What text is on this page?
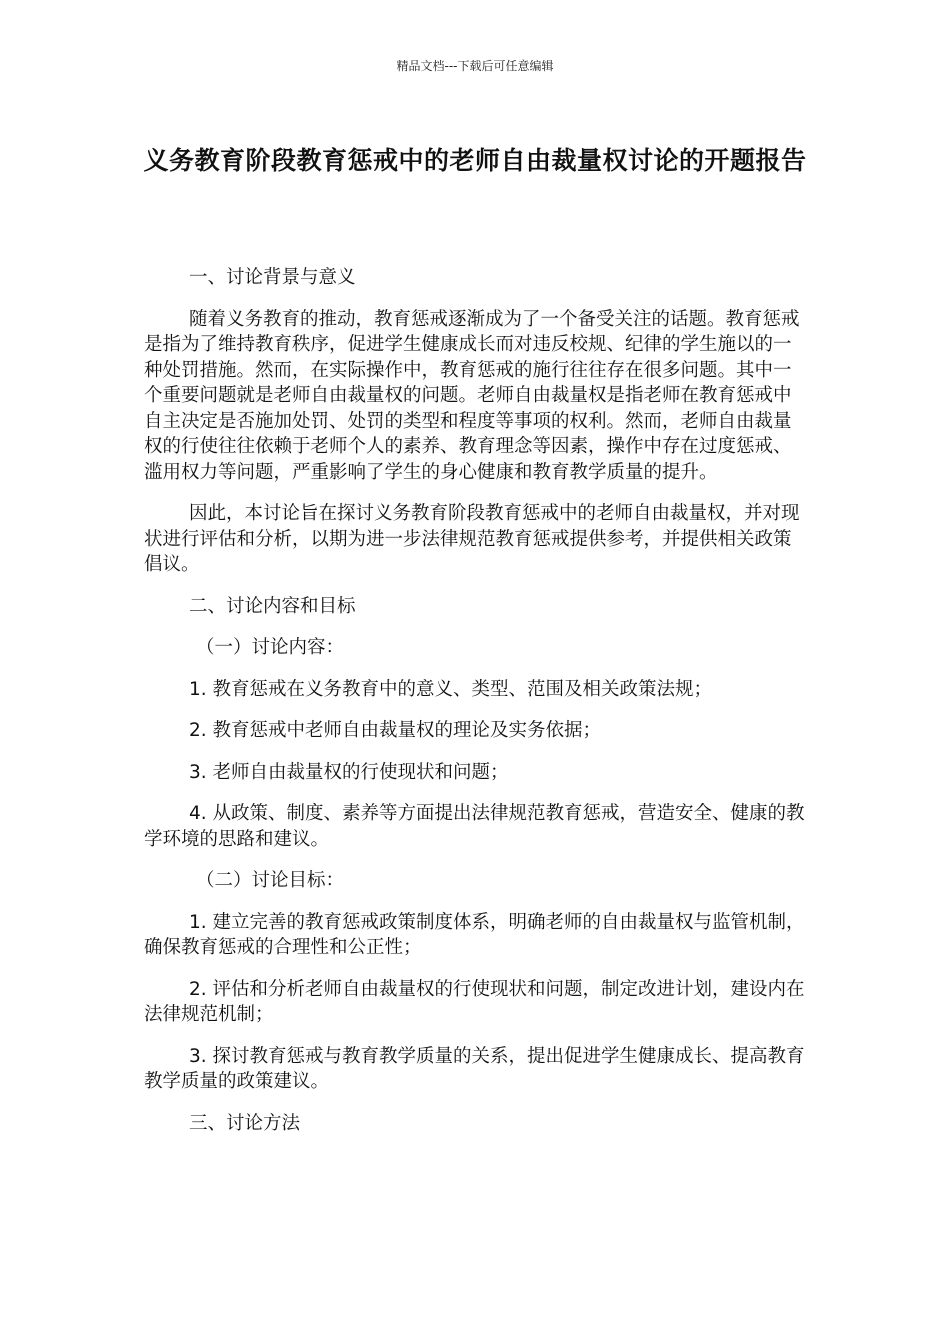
精品文档---下载后可任意编辑
义务教育阶段教育惩戒中的老师自由裁量权讨论的开题报告

一、讨论背景与意义

随着义务教育的推动，教育惩戒逐渐成为了一个备受关注的话题。教育惩戒是指为了维持教育秩序，促进学生健康成长而对违反校规、纪律的学生施以的一种处罚措施。然而，在实际操作中，教育惩戒的施行往往存在很多问题。其中一个重要问题就是老师自由裁量权的问题。老师自由裁量权是指老师在教育惩戒中自主决定是否施加处罚、处罚的类型和程度等事项的权利。然而，老师自由裁量权的行使往往依赖于老师个人的素养、教育理念等因素，操作中存在过度惩戒、滥用权力等问题，严重影响了学生的身心健康和教育教学质量的提升。

因此，本讨论旨在探讨义务教育阶段教育惩戒中的老师自由裁量权，并对现状进行评估和分析，以期为进一步法律规范教育惩戒提供参考，并提供相关政策倡议。

二、讨论内容和目标

（一）讨论内容：

1. 教育惩戒在义务教育中的意义、类型、范围及相关政策法规；

2. 教育惩戒中老师自由裁量权的理论及实务依据；

3. 老师自由裁量权的行使现状和问题；

4. 从政策、制度、素养等方面提出法律规范教育惩戒，营造安全、健康的教学环境的思路和建议。

（二）讨论目标：

1. 建立完善的教育惩戒政策制度体系，明确老师的自由裁量权与监管机制，确保教育惩戒的合理性和公正性；

2. 评估和分析老师自由裁量权的行使现状和问题，制定改进计划，建设内在法律规范机制；

3. 探讨教育惩戒与教育教学质量的关系，提出促进学生健康成长、提高教育教学质量的政策建议。

三、讨论方法
